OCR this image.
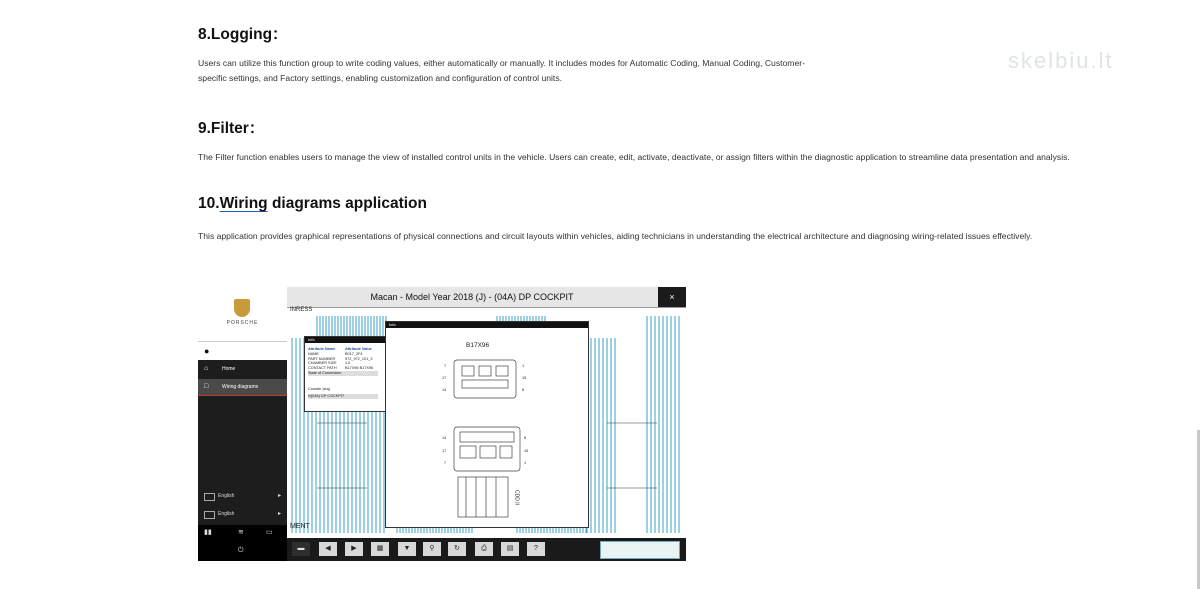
8.Logging：

Users can utilize this function group to write coding values, either automatically or manually. It includes modes for Automatic Coding, Manual Coding, Customer-

specific settings, and Factory settings, enabling customization and configuration of control units.

skelbiu.lt
9.Filter：

The Filter function enables users to manage the view of installed control units in the vehicle. Users can create, edit, activate, deactivate, or assign filters within the diagnostic application to streamline data presentation and analysis.

10.Wiring diagrams application

This application provides graphical representations of physical connections and circuit layouts within vehicles, aiding technicians in understanding the electrical architecture and diagnosing wiring-related issues effectively.

PORSCHE
●
⌂	Home
□	Wiring diagrams
English	▸
English	▸
▮▮	≋	▭
⏻
Macan - Model Year 2018 (J) - (04A) DP COCKPIT	×
INRESS
MENT
Info
Attribute Name	Attribute Value
NAME	B017_2F4
PART NUMBER	972_972_101_3
CHAMBER SIZE 1.2
CONTACT PATH B17X96 B17X96
State of Connection
Counter plug
N(04A) DP COCKPIT
Info
B17X96
7
17
14
1
15
8
14
17
7
8
15
1
CDD.II
▬	◀	▶	▦	▼	⚲	↻	⎙	▤	?
